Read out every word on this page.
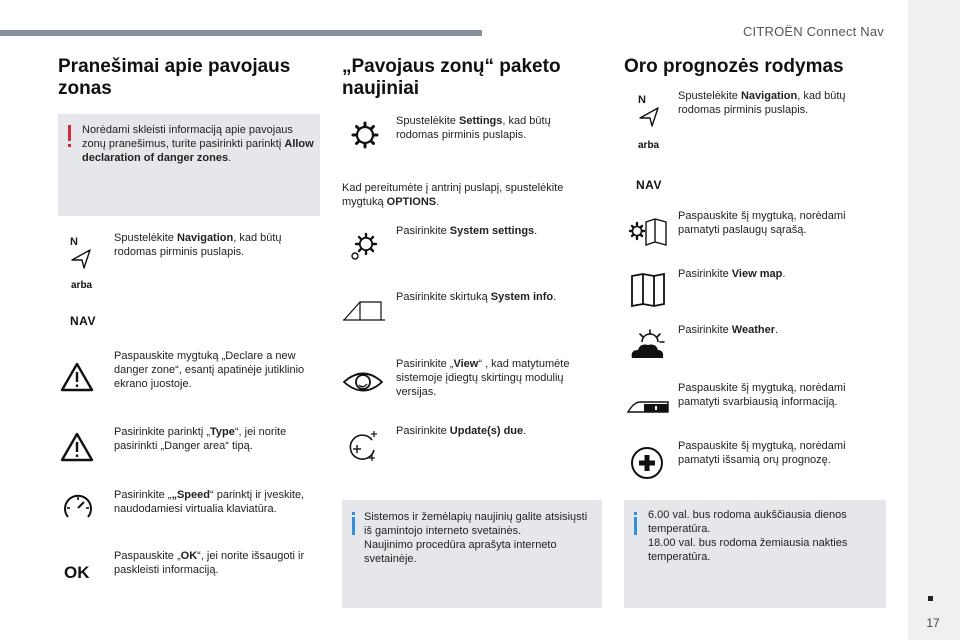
CITROËN Connect Nav
17
Pranešimai apie pavojaus zonas
Norėdami skleisti informaciją apie pavojaus zonų pranešimus, turite pasirinkti parinktį Allow declaration of danger zones.
N	Spustelėkite Navigation, kad būtų rodomas pirminis puslapis.
arba
NAV
Paspauskite mygtuką „Declare a new danger zone“, esantį apatinėje jutiklinio ekrano juostoje.
Pasirinkite parinktį „Type“, jei norite pasirinkti „Danger area“ tipą.
Pasirinkite „„Speed“ parinktį ir įveskite, naudodamiesi virtualia klaviatūra.
OK
Paspauskite „OK“, jei norite išsaugoti ir paskleisti informaciją.
„Pavojaus zonų“ paketo naujiniai
Spustelėkite Settings, kad būtų rodomas pirminis puslapis.
Kad pereitumėte į antrinį puslapį, spustelėkite mygtuką OPTIONS.
Pasirinkite System settings.
Pasirinkite skirtuką System info.
Pasirinkite „View“ , kad matytumėte sistemoje įdiegtų skirtingų modulių versijas.
Pasirinkite Update(s) due.
Sistemos ir žemėlapių naujinių galite atsisiųsti iš gamintojo interneto svetainės.
Naujinimo procedūra aprašyta interneto svetainėje.
Oro prognozės rodymas
N	Spustelėkite Navigation, kad būtų rodomas pirminis puslapis.
arba
NAV
Paspauskite šį mygtuką, norėdami pamatyti paslaugų sąrašą.
Pasirinkite View map.
Pasirinkite Weather.
Paspauskite šį mygtuką, norėdami pamatyti svarbiausią informaciją.
Paspauskite šį mygtuką, norėdami pamatyti išsamią orų prognozę.
6.00 val. bus rodoma aukščiausia dienos temperatūra.
18.00 val. bus rodoma žemiausia nakties temperatūra.
